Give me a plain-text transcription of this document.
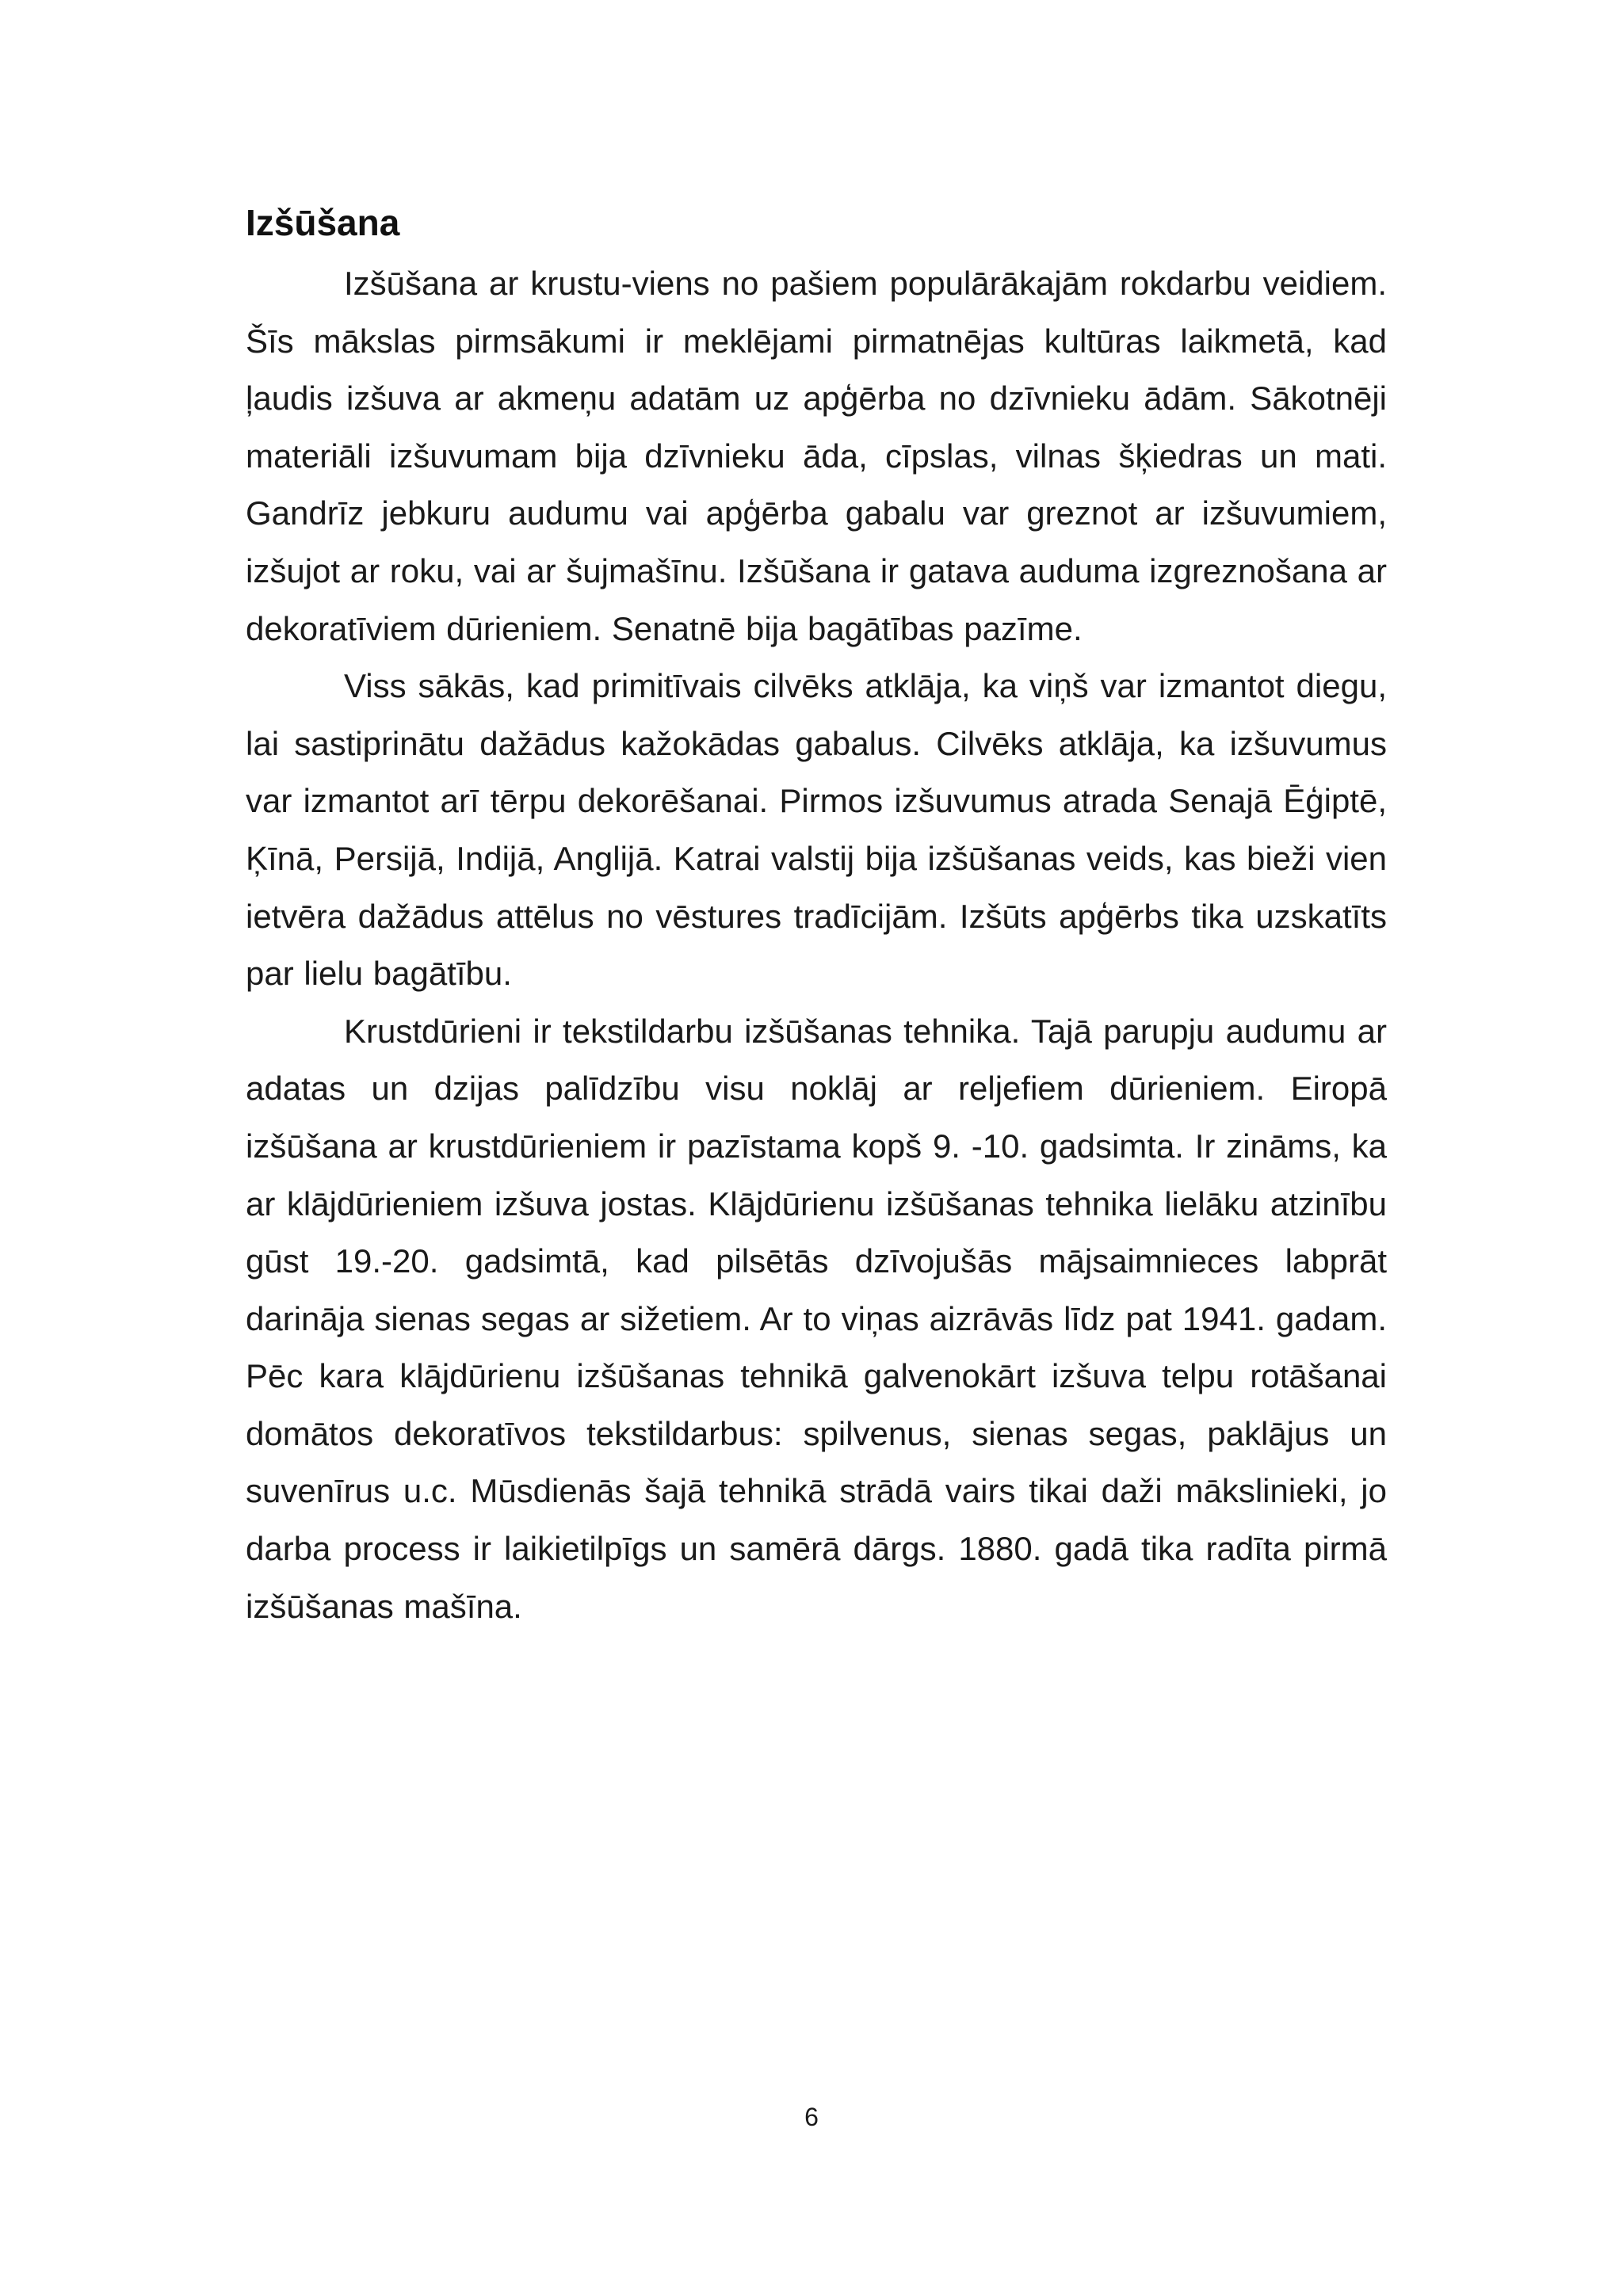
Izšūšana

Izšūšana ar krustu-viens no pašiem populārākajām rokdarbu veidiem. Šīs mākslas pirmsākumi ir meklējami pirmatnējas kultūras laikmetā, kad ļaudis izšuva ar akmeņu adatām uz apģērba no dzīvnieku ādām. Sākotnēji materiāli izšuvumam bija dzīvnieku āda, cīpslas, vilnas šķiedras un mati. Gandrīz jebkuru audumu vai apģērba gabalu var greznot ar izšuvumiem, izšujot ar roku, vai ar šujmašīnu. Izšūšana ir gatava auduma izgreznošana ar dekoratīviem dūrieniem. Senatnē bija bagātības pazīme.

Viss sākās, kad primitīvais cilvēks atklāja, ka viņš var izmantot diegu, lai sastiprinātu dažādus kažokādas gabalus. Cilvēks atklāja, ka izšuvumus var izmantot arī tērpu dekorēšanai. Pirmos izšuvumus atrada Senajā Ēģiptē, Ķīnā, Persijā, Indijā, Anglijā. Katrai valstij bija izšūšanas veids, kas bieži vien ietvēra dažādus attēlus no vēstures tradīcijām. Izšūts apģērbs tika uzskatīts par lielu bagātību.

Krustdūrieni ir tekstildarbu izšūšanas tehnika. Tajā parupju audumu ar adatas un dzijas palīdzību visu noklāj ar reljefiem dūrieniem. Eiropā izšūšana ar krustdūrieniem ir pazīstama kopš 9. -10. gadsimta. Ir zināms, ka ar klājdūrieniem izšuva jostas. Klājdūrienu izšūšanas tehnika lielāku atzinību gūst 19.-20. gadsimtā, kad pilsētās dzīvojušās mājsaimnieces labprāt darināja sienas segas ar sižetiem. Ar to viņas aizrāvās līdz pat 1941. gadam. Pēc kara klājdūrienu izšūšanas tehnikā galvenokārt izšuva telpu rotāšanai domātos dekoratīvos tekstildarbus: spilvenus, sienas segas, paklājus un suvenīrus u.c. Mūsdienās šajā tehnikā strādā vairs tikai daži mākslinieki, jo darba process ir laikietilpīgs un samērā dārgs. 1880. gadā tika radīta pirmā izšūšanas mašīna.

6
